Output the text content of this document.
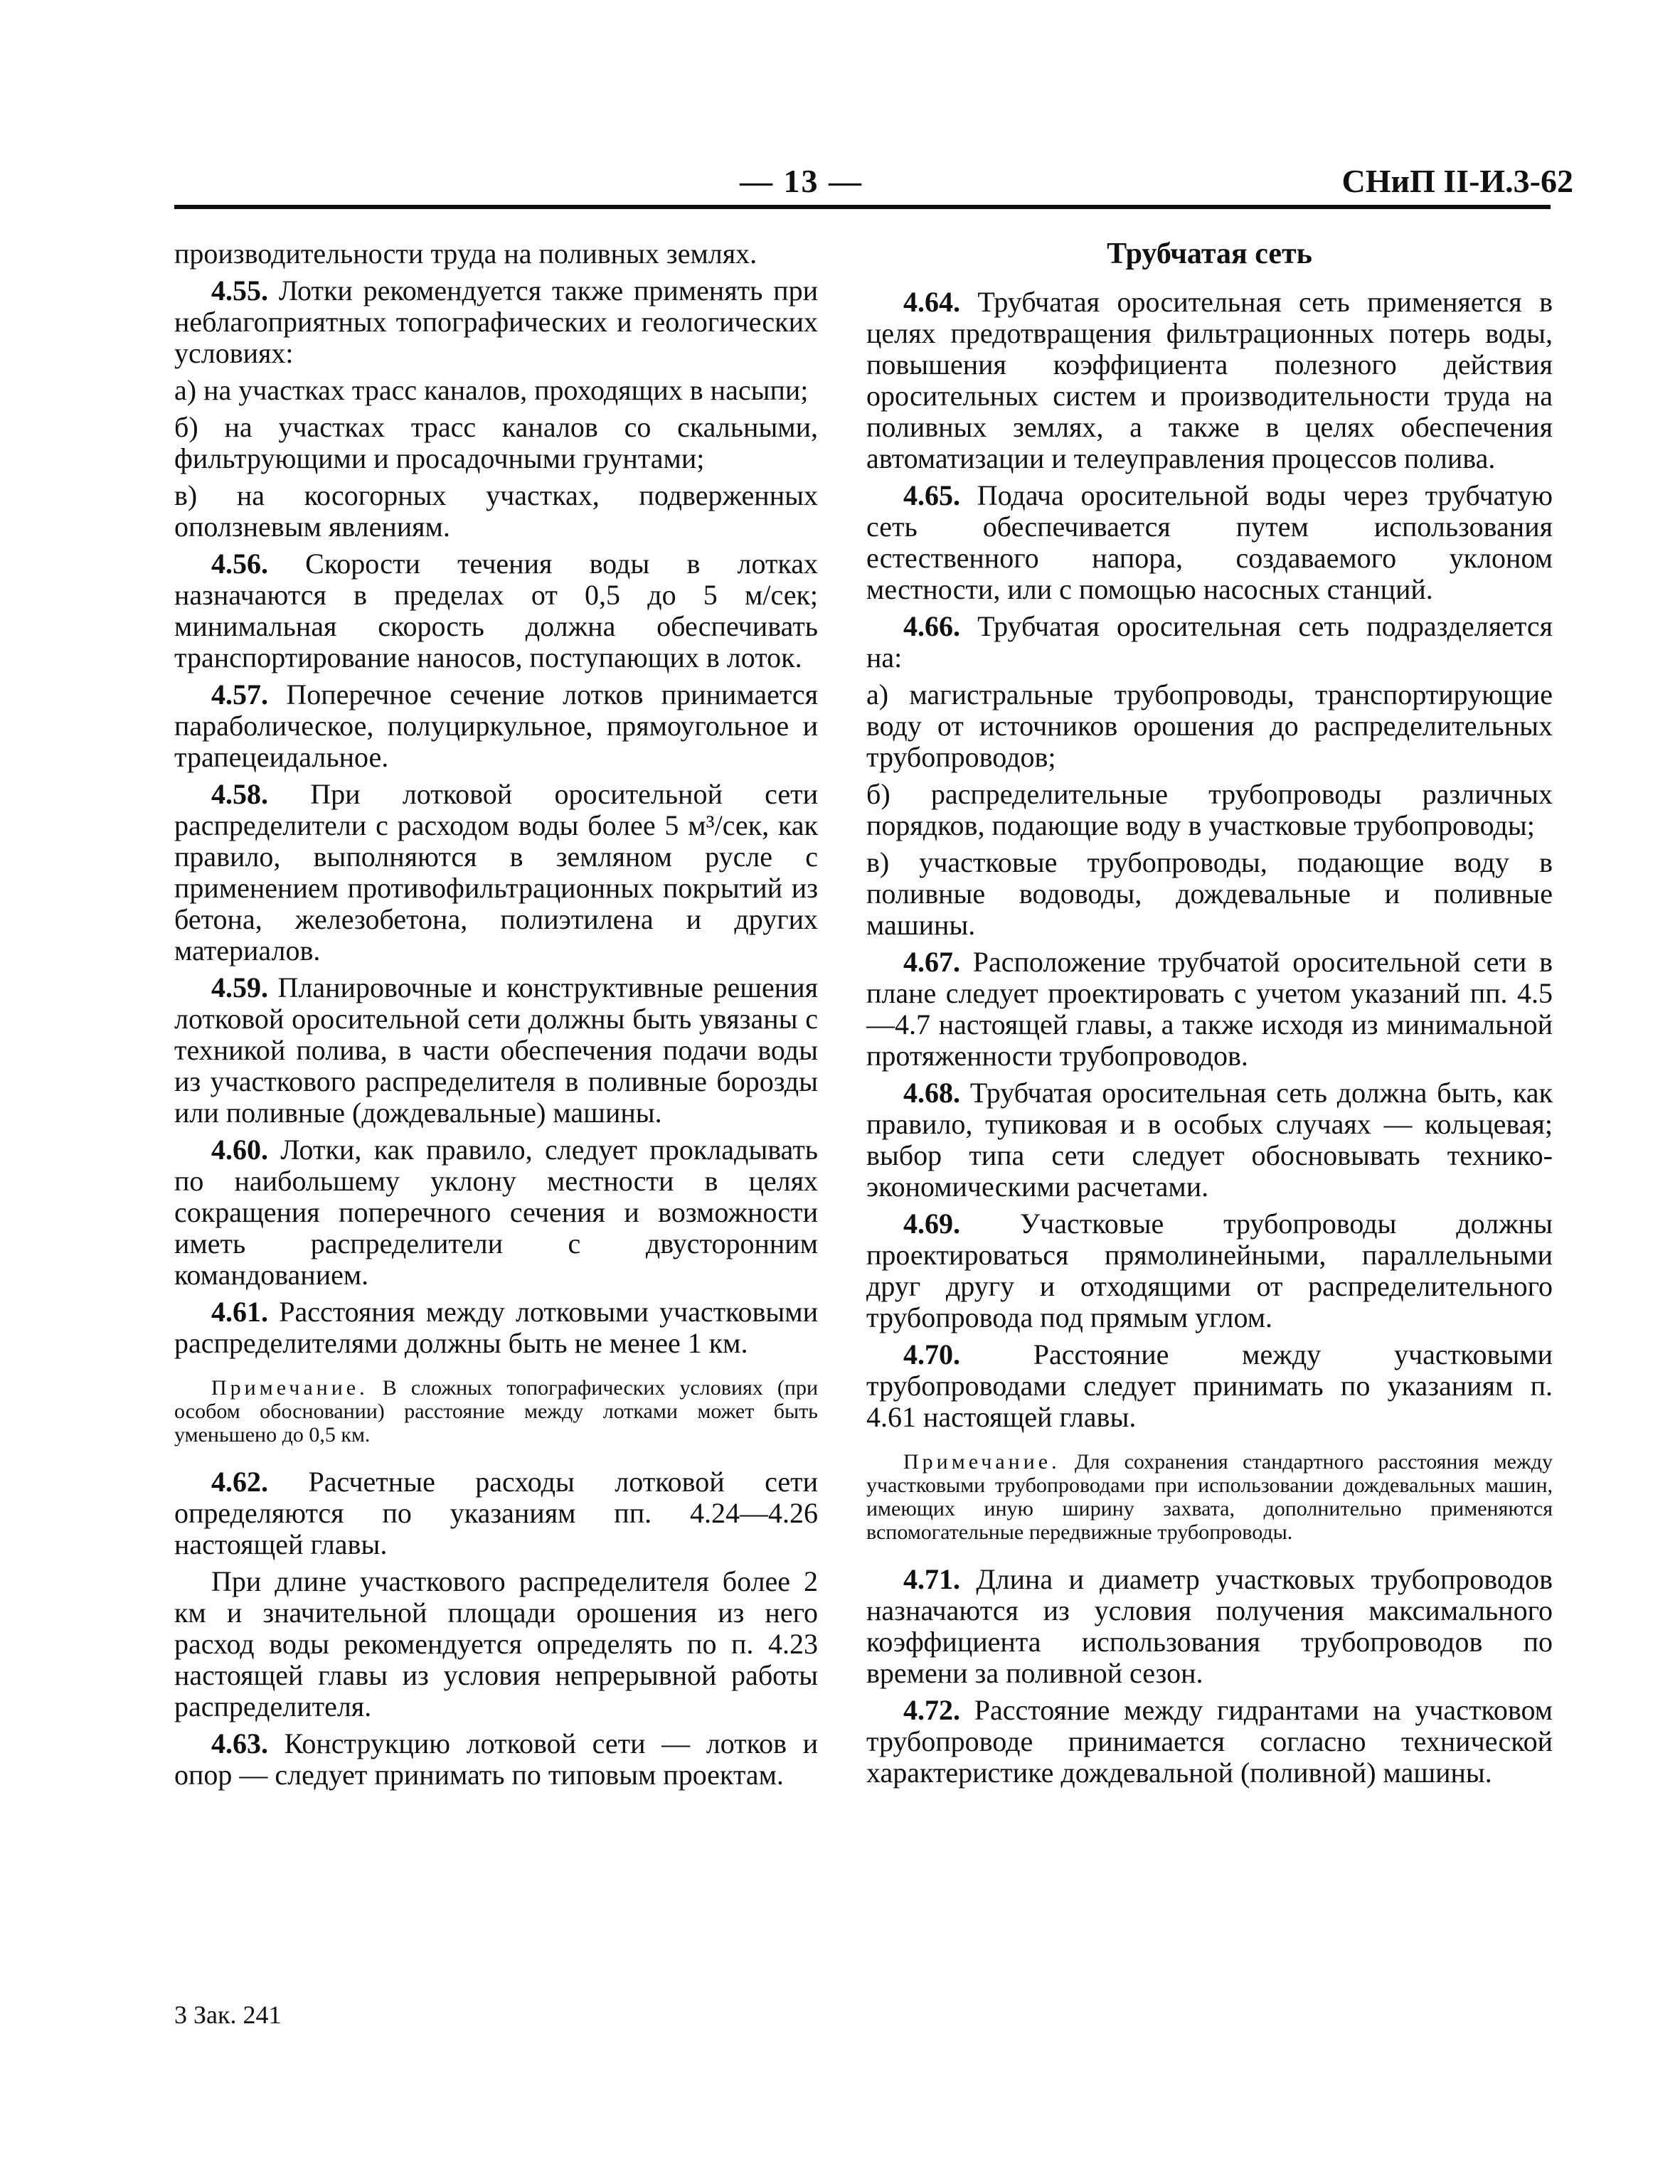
— 13 —	СНиП II-И.3-62

производительности труда на поливных землях.

4.55. Лотки рекомендуется также применять при неблагоприятных топографических и геологических условиях:

а) на участках трасс каналов, проходящих в насыпи;

б) на участках трасс каналов со скальными, фильтрующими и просадочными грунтами;

в) на косогорных участках, подверженных оползневым явлениям.

4.56. Скорости течения воды в лотках назначаются в пределах от 0,5 до 5 м/сек; минимальная скорость должна обеспечивать транспортирование наносов, поступающих в лоток.

4.57. Поперечное сечение лотков принимается параболическое, полуциркульное, прямоугольное и трапецеидальное.

4.58. При лотковой оросительной сети распределители с расходом воды более 5 м³/сек, как правило, выполняются в земляном русле с применением противофильтрационных покрытий из бетона, железобетона, полиэтилена и других материалов.

4.59. Планировочные и конструктивные решения лотковой оросительной сети должны быть увязаны с техникой полива, в части обеспечения подачи воды из участкового распределителя в поливные борозды или поливные (дождевальные) машины.

4.60. Лотки, как правило, следует прокладывать по наибольшему уклону местности в целях сокращения поперечного сечения и возможности иметь распределители с двусторонним командованием.

4.61. Расстояния между лотковыми участковыми распределителями должны быть не менее 1 км.

Примечание. В сложных топографических условиях (при особом обосновании) расстояние между лотками может быть уменьшено до 0,5 км.

4.62. Расчетные расходы лотковой сети определяются по указаниям пп. 4.24—4.26 настоящей главы.

При длине участкового распределителя более 2 км и значительной площади орошения из него расход воды рекомендуется определять по п. 4.23 настоящей главы из условия непрерывной работы распределителя.

4.63. Конструкцию лотковой сети — лотков и опор — следует принимать по типовым проектам.

Трубчатая сеть

4.64. Трубчатая оросительная сеть применяется в целях предотвращения фильтрационных потерь воды, повышения коэффициента полезного действия оросительных систем и производительности труда на поливных землях, а также в целях обеспечения автоматизации и телеуправления процессов полива.

4.65. Подача оросительной воды через трубчатую сеть обеспечивается путем использования естественного напора, создаваемого уклоном местности, или с помощью насосных станций.

4.66. Трубчатая оросительная сеть подразделяется на:

а) магистральные трубопроводы, транспортирующие воду от источников орошения до распределительных трубопроводов;

б) распределительные трубопроводы различных порядков, подающие воду в участковые трубопроводы;

в) участковые трубопроводы, подающие воду в поливные водоводы, дождевальные и поливные машины.

4.67. Расположение трубчатой оросительной сети в плане следует проектировать с учетом указаний пп. 4.5—4.7 настоящей главы, а также исходя из минимальной протяженности трубопроводов.

4.68. Трубчатая оросительная сеть должна быть, как правило, тупиковая и в особых случаях — кольцевая; выбор типа сети следует обосновывать технико-экономическими расчетами.

4.69. Участковые трубопроводы должны проектироваться прямолинейными, параллельными друг другу и отходящими от распределительного трубопровода под прямым углом.

4.70. Расстояние между участковыми трубопроводами следует принимать по указаниям п. 4.61 настоящей главы.

Примечание. Для сохранения стандартного расстояния между участковыми трубопроводами при использовании дождевальных машин, имеющих иную ширину захвата, дополнительно применяются вспомогательные передвижные трубопроводы.

4.71. Длина и диаметр участковых трубопроводов назначаются из условия получения максимального коэффициента использования трубопроводов по времени за поливной сезон.

4.72. Расстояние между гидрантами на участковом трубопроводе принимается согласно технической характеристике дождевальной (поливной) машины.

3 Зак. 241
